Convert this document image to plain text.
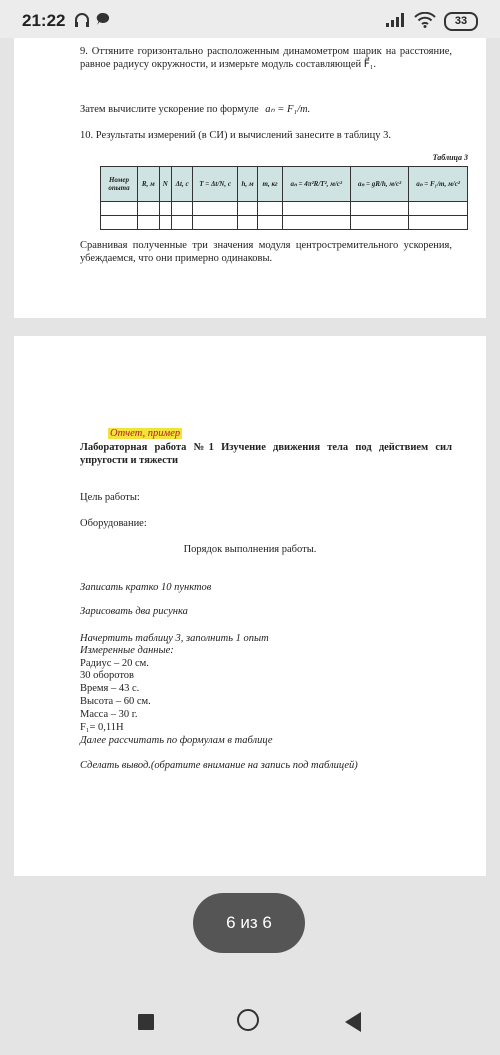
21:22	33
9. Оттяните горизонтально расположенным динамометром шарик на расстояние, равное радиусу окружности, и измерьте модуль составляющей F⃗₁.
Затем вычислите ускорение по формуле aₙ = F₁/m.
10. Результаты измерений (в СИ) и вычислений занесите в таблицу 3.
Таблица 3
Номер опыта	R, м	N	Δt, с	T = Δt/N, с	h, м	m, кг	aₙ = 4π²R/T², м/с²	aₙ = gR/h, м/с²	aₙ = F₁/m, м/с²

Сравнивая полученные три значения модуля центростремительного ускорения, убеждаемся, что они примерно одинаковы.
Отчет, пример
Лабораторная работа №1 Изучение движения тела под действием сил упругости и тяжести
Цель работы:
Оборудование:
Порядок выполнения работы.
Записать кратко 10 пунктов
Зарисовать два рисунка
Начертить таблицу 3, заполнить 1 опыт
Измеренные данные:
Радиус – 20 см.
30 оборотов
Время – 43 с.
Высота – 60 см.
Масса – 30 г.
F₁= 0,11Н
Далее рассчитать по формулам в таблице
Сделать вывод.(обратите внимание на запись под таблицей)
6 из 6
